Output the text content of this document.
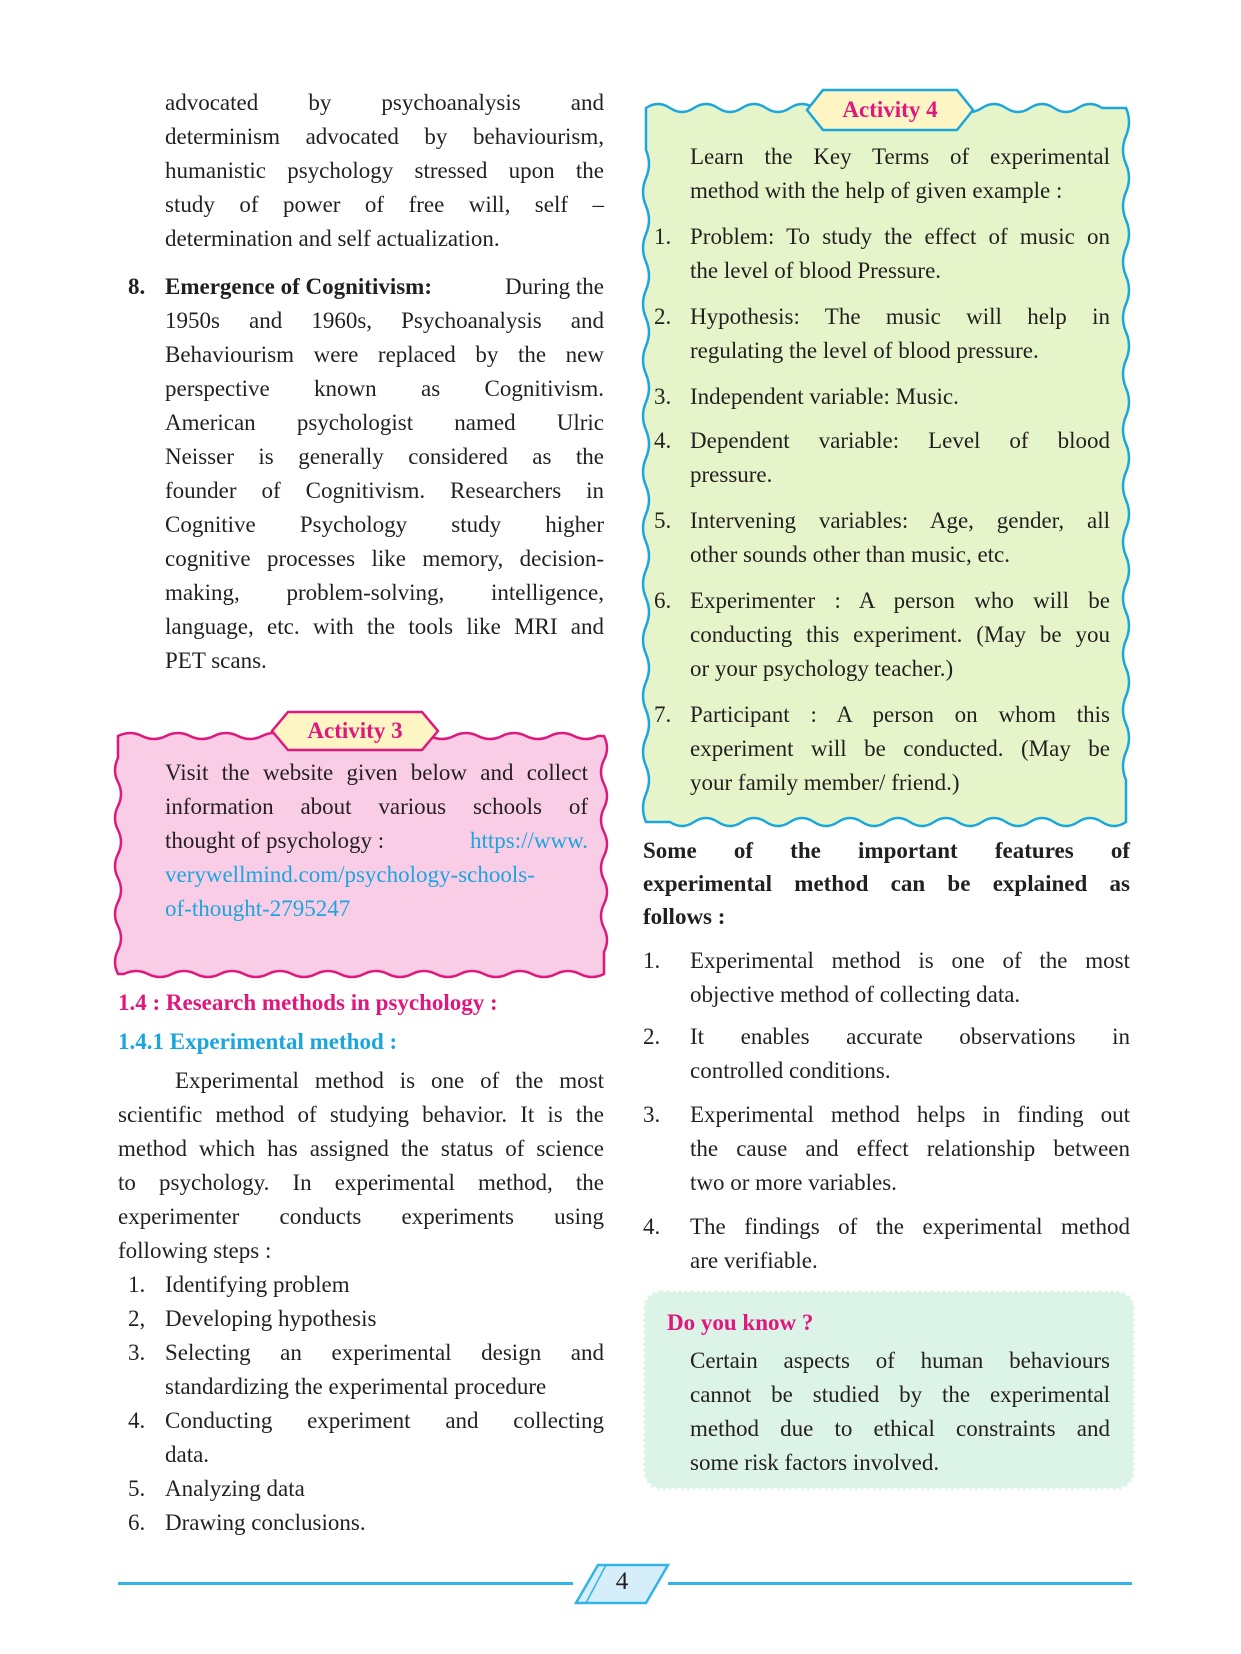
advocated by psychoanalysis and
determinism advocated by behaviourism,
humanistic psychology stressed upon the
study of power of free will, self –
determination and self actualization.
8. Emergence of Cognitivism:	During the
1950s and 1960s, Psychoanalysis and
Behaviourism were replaced by the new
perspective known as Cognitivism.
American psychologist named Ulric
Neisser is generally considered as the
founder of Cognitivism. Researchers in
Cognitive Psychology study higher
cognitive processes like memory, decision-
making, problem-solving, intelligence,
language, etc. with the tools like MRI and
PET scans.
Activity 3
Visit the website given below and collect
information about various schools of
thought of psychology :	https://www.
verywellmind.com/psychology-schools-
of-thought-2795247
1.4 : Research methods in psychology :
1.4.1 Experimental method :
Experimental method is one of the most
scientific method of studying behavior. It is the
method which has assigned the status of science
to psychology. In experimental method, the
experimenter conducts experiments using
following steps :
1. Identifying problem
2, Developing hypothesis
3. Selecting an experimental design and
standardizing the experimental procedure
4. Conducting experiment and collecting
data.
5. Analyzing data
6. Drawing conclusions.
Activity 4
Learn the Key Terms of experimental
method with the help of given example :
1. Problem: To study the effect of music on
the level of blood Pressure.
2. Hypothesis: The music will help in
regulating the level of blood pressure.
3. Independent variable: Music.
4. Dependent variable: Level of blood
pressure.
5. Intervening variables: Age, gender, all
other sounds other than music, etc.
6. Experimenter : A person who will be
conducting this experiment. (May be you
or your psychology teacher.)
7. Participant : A person on whom this
experiment will be conducted. (May be
your family member/ friend.)
Some of the important features of
experimental method can be explained as
follows :
1. Experimental method is one of the most
objective method of collecting data.
2. It enables accurate observations in
controlled conditions.
3. Experimental method helps in finding out
the cause and effect relationship between
two or more variables.
4. The findings of the experimental method
are verifiable.
Do you know ?
Certain aspects of human behaviours
cannot be studied by the experimental
method due to ethical constraints and
some risk factors involved.
4
